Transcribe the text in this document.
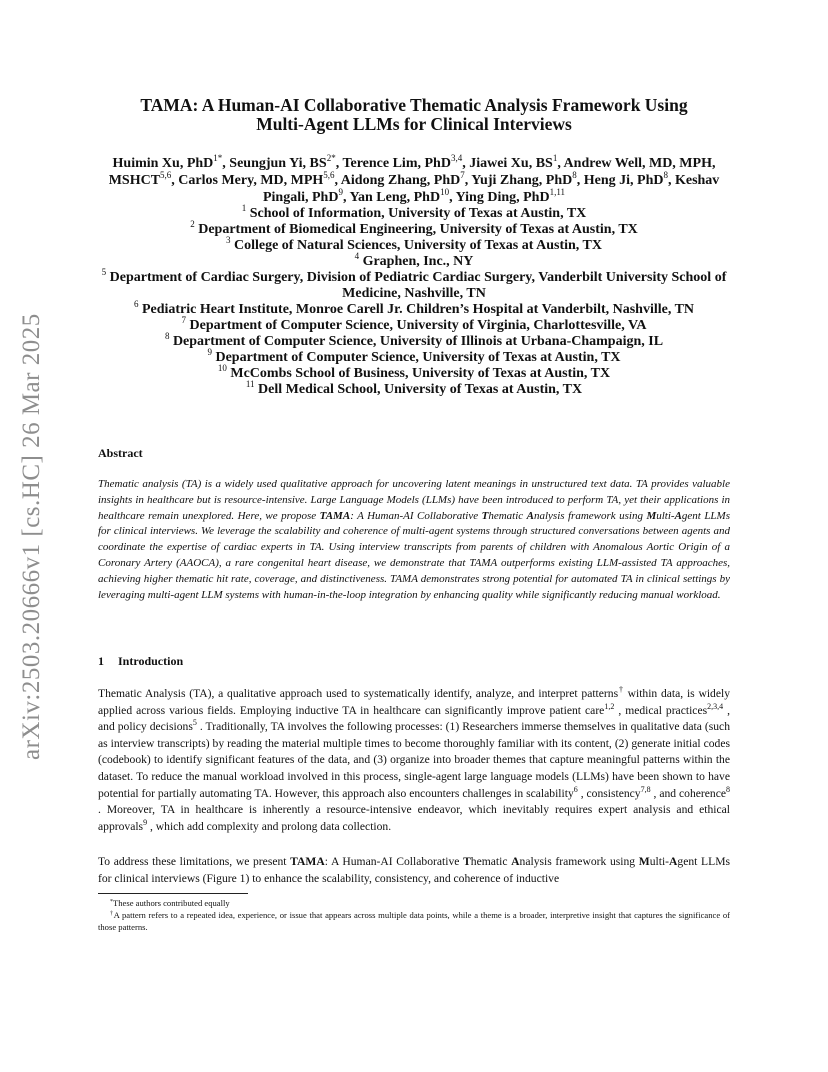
arXiv:2503.20666v1 [cs.HC] 26 Mar 2025
TAMA: A Human-AI Collaborative Thematic Analysis Framework Using
Multi-Agent LLMs for Clinical Interviews
Huimin Xu, PhD$^{1*}$, Seungjun Yi, $BS^{2*}$, Terence Lim, PhD$^{3,4}$, Jiawei Xu, $BS^1$, Andrew Well, MD, MPH, MSHCT$^{5,6}$, Carlos Mery, MD, MPH$^{5,6}$, Aidong Zhang, PhD$^7$, Yuji Zhang, PhD$^8$, Heng Ji, PhD$^8$, Keshav Pingali, PhD$^9$, Yan Leng, PhD$^{10}$, Ying Ding, PhD$^{1,11}$
$^1$ School of Information, University of Texas at Austin, TX
$^2$ Department of Biomedical Engineering, University of Texas at Austin, TX
$^3$ College of Natural Sciences, University of Texas at Austin, TX
$^4$ Graphen, Inc., NY
$^5$ Department of Cardiac Surgery, Division of Pediatric Cardiac Surgery, Vanderbilt University School of Medicine, Nashville, TN
$^6$ Pediatric Heart Institute, Monroe Carell Jr. Children’s Hospital at Vanderbilt, Nashville, TN
$^7$ Department of Computer Science, University of Virginia, Charlottesville, VA
$^8$ Department of Computer Science, University of Illinois at Urbana-Champaign, IL
$^9$ Department of Computer Science, University of Texas at Austin, TX
$^{10}$ McCombs School of Business, University of Texas at Austin, TX
$^{11}$ Dell Medical School, University of Texas at Austin, TX
Abstract
Thematic analysis (TA) is a widely used qualitative approach for uncovering latent meanings in unstructured text data. TA provides valuable insights in healthcare but is resource-intensive. Large Language Models (LLMs) have been introduced to perform TA, yet their applications in healthcare remain unexplored. Here, we propose TAMA: A Human-AI Collaborative Thematic Analysis framework using Multi-Agent LLMs for clinical interviews. We leverage the scalability and coherence of multi-agent systems through structured conversations between agents and coordinate the expertise of cardiac experts in TA. Using interview transcripts from parents of children with Anomalous Aortic Origin of a Coronary Artery (AAOCA), a rare congenital heart disease, we demonstrate that TAMA outperforms existing LLM-assisted TA approaches, achieving higher thematic hit rate, coverage, and distinctiveness. TAMA demonstrates strong potential for automated TA in clinical settings by leveraging multi-agent LLM systems with human-in-the-loop integration by enhancing quality while significantly reducing manual workload.
1 Introduction
Thematic Analysis (TA), a qualitative approach used to systematically identify, analyze, and interpret patterns† within data, is widely applied across various fields. Employing inductive TA in healthcare can significantly improve patient care$^{1,2}$ , medical practices$^{2,3,4}$ , and policy decisions$^5$ . Traditionally, TA involves the following processes: (1) Researchers immerse themselves in qualitative data (such as interview transcripts) by reading the material multiple times to become thoroughly familiar with its content, (2) generate initial codes (codebook) to identify significant features of the data, and (3) organize into broader themes that capture meaningful patterns within the dataset. To reduce the manual workload involved in this process, single-agent large language models (LLMs) have been shown to have potential for partially automating TA. However, this approach also encounters challenges in scalability$^6$ , consistency$^{7,8}$ , and coherence$^8$ . Moreover, TA in healthcare is inherently a resource-intensive endeavor, which inevitably requires expert analysis and ethical approvals$^9$ , which add complexity and prolong data collection.
To address these limitations, we present TAMA: A Human-AI Collaborative Thematic Analysis framework using Multi-Agent LLMs for clinical interviews (Figure 1) to enhance the scalability, consistency, and coherence of inductive
*These authors contributed equally
†A pattern refers to a repeated idea, experience, or issue that appears across multiple data points, while a theme is a broader, interpretive insight that captures the significance of those patterns.
